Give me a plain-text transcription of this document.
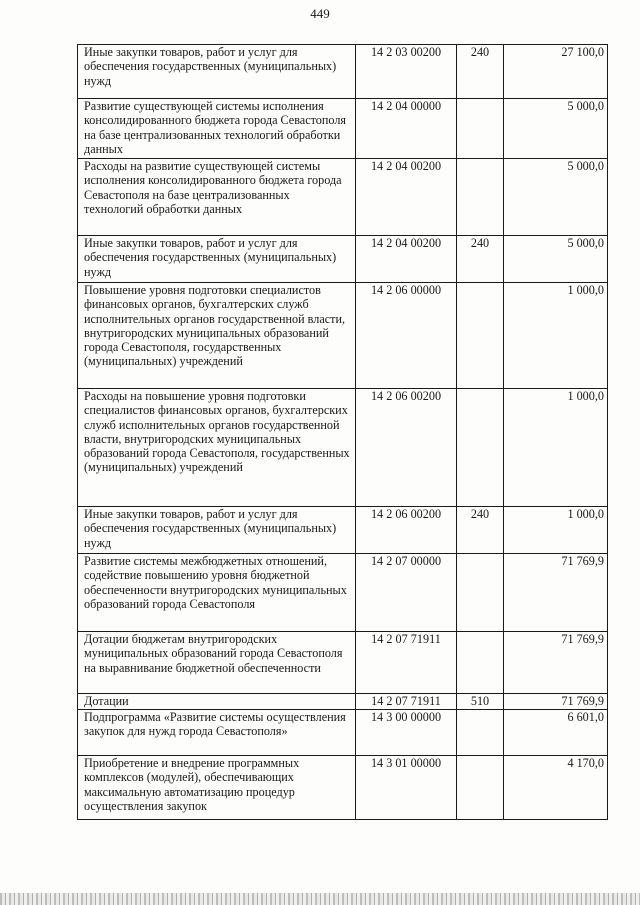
449
Иные закупки товаров, работ и услуг для обеспечения государственных (муниципальных) нужд	14 2 03 00200	240	27 100,0
Развитие существующей системы исполнения консолидированного бюджета города Севастополя на базе централизованных технологий обработки данных	14 2 04 00000		5 000,0
Расходы на развитие существующей системы исполнения консолидированного бюджета города Севастополя на базе централизованных технологий обработки данных	14 2 04 00200		5 000,0
Иные закупки товаров, работ и услуг для обеспечения государственных (муниципальных) нужд	14 2 04 00200	240	5 000,0
Повышение уровня подготовки специалистов финансовых органов, бухгалтерских служб исполнительных органов государственной власти, внутригородских муниципальных образований города Севастополя, государственных (муниципальных) учреждений	14 2 06 00000		1 000,0
Расходы на повышение уровня подготовки специалистов финансовых органов, бухгалтерских служб исполнительных органов государственной власти, внутригородских муниципальных образований города Севастополя, государственных (муниципальных) учреждений	14 2 06 00200		1 000,0
Иные закупки товаров, работ и услуг для обеспечения государственных (муниципальных) нужд	14 2 06 00200	240	1 000,0
Развитие системы межбюджетных отношений, содействие повышению уровня бюджетной обеспеченности внутригородских муниципальных образований города Севастополя	14 2 07 00000		71 769,9
Дотации бюджетам внутригородских муниципальных образований города Севастополя на выравнивание бюджетной обеспеченности	14 2 07 71911		71 769,9
Дотации	14 2 07 71911	510	71 769,9
Подпрограмма «Развитие системы осуществления закупок для нужд города Севастополя»	14 3 00 00000		6 601,0
Приобретение и внедрение программных комплексов (модулей), обеспечивающих максимальную автоматизацию процедур осуществления закупок	14 3 01 00000		4 170,0
